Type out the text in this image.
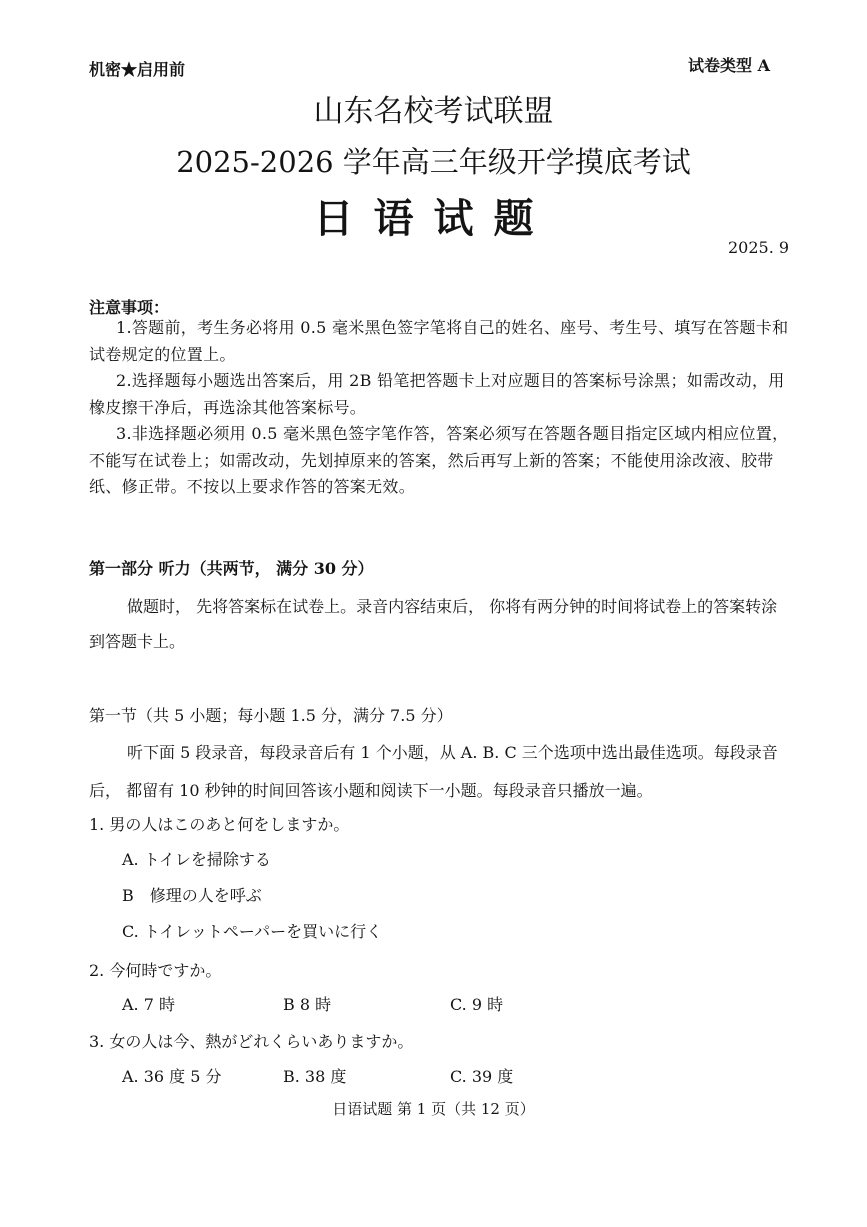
机密★启用前	试卷类型 A
山东名校考试联盟
2025-2026 学年高三年级开学摸底考试
日语试题
2025. 9
注意事项：
1.答题前，考生务必将用 0.5 毫米黑色签字笔将自己的姓名、座号、考生号、填写在答题卡和试卷规定的位置上。
2.选择题每小题选出答案后，用 2B 铅笔把答题卡上对应题目的答案标号涂黑；如需改动，用橡皮擦干净后，再选涂其他答案标号。
3.非选择题必须用 0.5 毫米黑色签字笔作答，答案必须写在答题各题目指定区域内相应位置，不能写在试卷上；如需改动，先划掉原来的答案，然后再写上新的答案；不能使用涂改液、胶带纸、修正带。不按以上要求作答的答案无效。
第一部分 听力（共两节， 满分 30 分）
做题时， 先将答案标在试卷上。录音内容结束后， 你将有两分钟的时间将试卷上的答案转涂到答题卡上。
第一节（共 5 小题；每小题 1.5 分，满分 7.5 分）
听下面 5 段录音，每段录音后有 1 个小题，从 A. B. C 三个选项中选出最佳选项。每段录音后， 都留有 10 秒钟的时间回答该小题和阅读下一小题。每段录音只播放一遍。
1. 男の人はこのあと何をしますか。
A. トイレを掃除する
B　修理の人を呼ぶ
C. トイレットペーパーを買いに行く
2. 今何時ですか。
A. 7 時	B 8 時	C. 9 時
3. 女の人は今、熱がどれくらいありますか。
A. 36 度 5 分	B. 38 度	C. 39 度
日语试题 第 1 页（共 12 页）
